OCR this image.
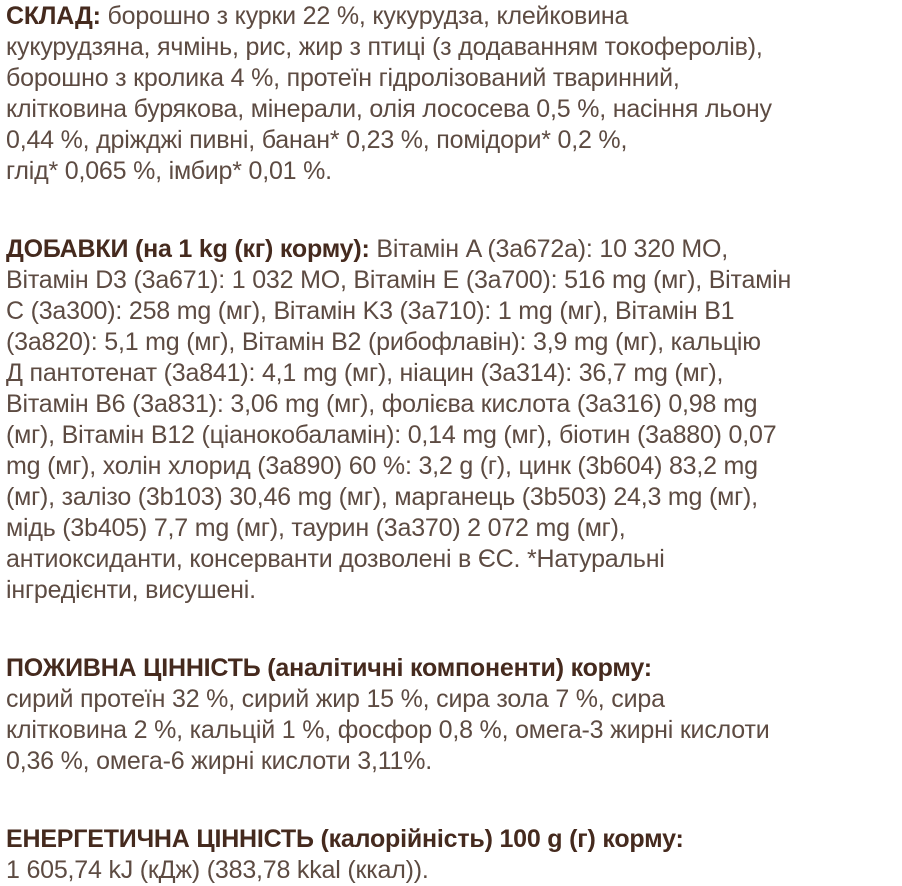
СКЛАД: борошно з курки 22 %, кукурудза, клейковина
кукурудзяна, ячмінь, рис, жир з птиці (з додаванням токоферолів),
борошно з кролика 4 %, протеїн гідролізований тваринний,
клітковина бурякова, мінерали, олія лососева 0,5 %, насіння льону
0,44 %, дріжджі пивні, банан* 0,23 %, помідори* 0,2 %,
глід* 0,065 %, імбир* 0,01 %.

ДОБАВКИ (на 1 kg (кг) корму): Вітамін A (3a672a): 10 320 МО,
Вітамін D3 (3a671): 1 032 МО, Вітамін E (3a700): 516 mg (мг), Вітамін
C (3a300): 258 mg (мг), Вітамін K3 (3a710): 1 mg (мг), Вітамін B1
(3a820): 5,1 mg (мг), Вітамін B2 (рибофлавін): 3,9 mg (мг), кальцію
Д пантотенат (3a841): 4,1 mg (мг), ніацин (3a314): 36,7 mg (мг),
Вітамін B6 (3a831): 3,06 mg (мг), фолієва кислота (3a316) 0,98 mg
(мг), Вітамін B12 (ціанокобаламін): 0,14 mg (мг), біотин (3a880) 0,07
mg (мг), холін хлорид (3a890) 60 %: 3,2 g (г), цинк (3b604) 83,2 mg
(мг), залізо (3b103) 30,46 mg (мг), марганець (3b503) 24,3 mg (мг),
мідь (3b405) 7,7 mg (мг), таурин (3a370) 2 072 mg (мг),
антиоксиданти, консерванти дозволені в ЄС. *Натуральні
інгредієнти, висушені.

ПОЖИВНА ЦІННІСТЬ (аналітичні компоненти) корму:
сирий протеїн 32 %, сирий жир 15 %, сира зола 7 %, сира
клітковина 2 %, кальцій 1 %, фосфор 0,8 %, омега-3 жирні кислоти
0,36 %, омега-6 жирні кислоти 3,11%.

ЕНЕРГЕТИЧНА ЦІННІСТЬ (калорійність) 100 g (г) корму:
1 605,74 kJ (кДж) (383,78 kkal (ккал)).
